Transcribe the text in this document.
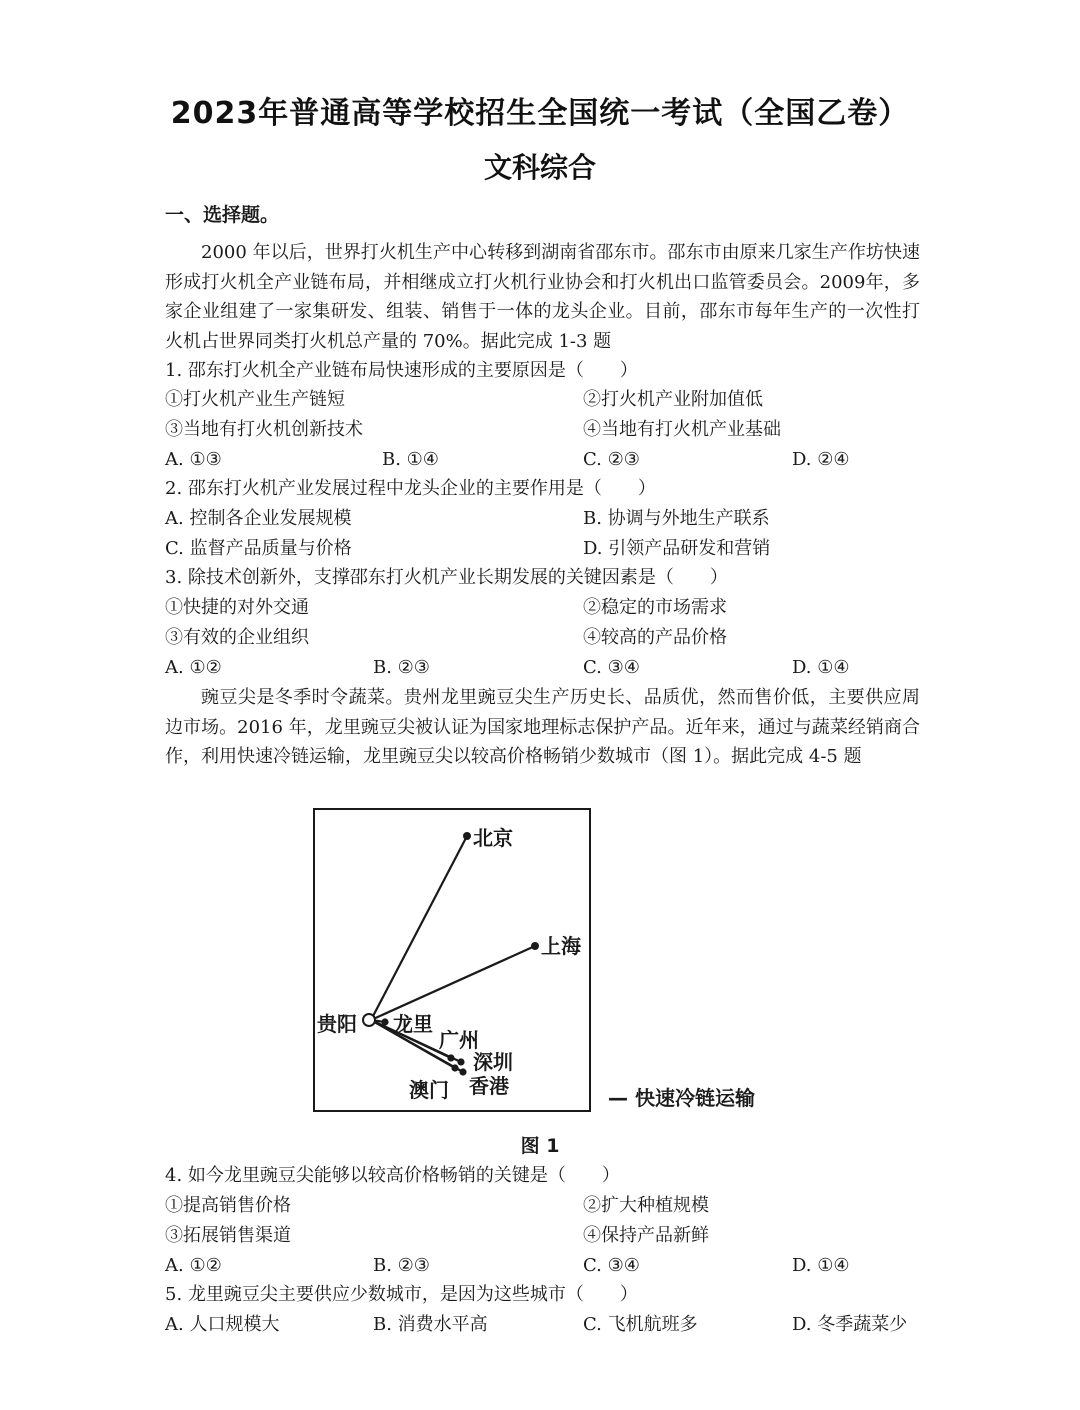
2023年普通高等学校招生全国统一考试（全国乙卷）
文科综合
一、选择题。
2000 年以后，世界打火机生产中心转移到湖南省邵东市。邵东市由原来几家生产作坊快速形成打火机全产业链布局，并相继成立打火机行业协会和打火机出口监管委员会。2009年，多家企业组建了一家集研发、组装、销售于一体的龙头企业。目前，邵东市每年生产的一次性打火机占世界同类打火机总产量的 70%。据此完成 1-3 题
1. 邵东打火机全产业链布局快速形成的主要原因是（　　）
①打火机产业生产链短	②打火机产业附加值低
③当地有打火机创新技术	④当地有打火机产业基础
A. ①③	B. ①④	C. ②③	D. ②④
2. 邵东打火机产业发展过程中龙头企业的主要作用是（　　）
A. 控制各企业发展规模	B. 协调与外地生产联系
C. 监督产品质量与价格	D. 引领产品研发和营销
3. 除技术创新外，支撑邵东打火机产业长期发展的关键因素是（　　）
①快捷的对外交通	②稳定的市场需求
③有效的企业组织	④较高的产品价格
A. ①②	B. ②③	C. ③④	D. ①④
豌豆尖是冬季时令蔬菜。贵州龙里豌豆尖生产历史长、品质优，然而售价低，主要供应周边市场。2016 年，龙里豌豆尖被认证为国家地理标志保护产品。近年来，通过与蔬菜经销商合作，利用快速冷链运输，龙里豌豆尖以较高价格畅销少数城市（图 1）。据此完成 4-5 题
北京
上海
贵阳 龙里
广州
深圳
澳门 香港	— 快速冷链运输
图 1
4. 如今龙里豌豆尖能够以较高价格畅销的关键是（　　）
①提高销售价格	②扩大种植规模
③拓展销售渠道	④保持产品新鲜
A. ①②	B. ②③	C. ③④	D. ①④
5. 龙里豌豆尖主要供应少数城市，是因为这些城市（　　）
A. 人口规模大	B. 消费水平高	C. 飞机航班多	D. 冬季蔬菜少
